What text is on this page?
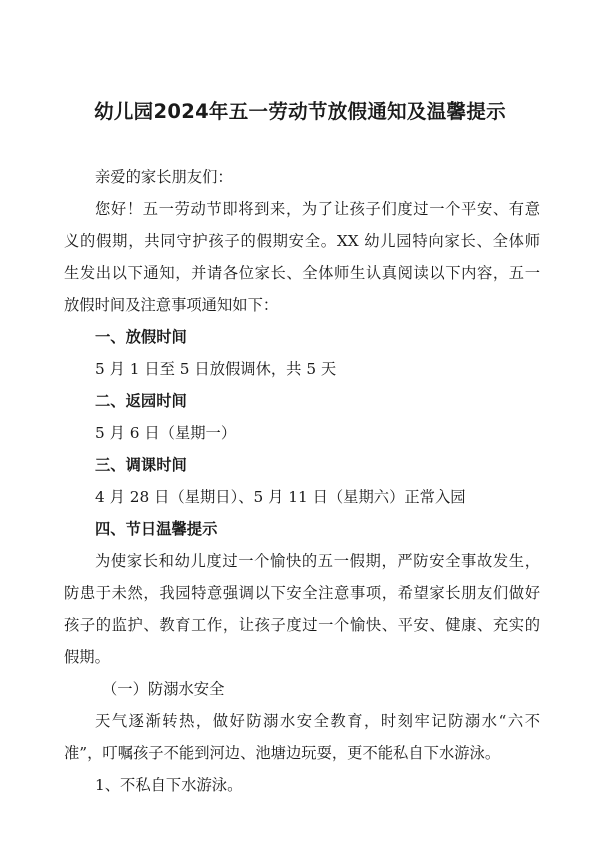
幼儿园2024年五一劳动节放假通知及温馨提示
亲爱的家长朋友们：
您好！五一劳动节即将到来，为了让孩子们度过一个平安、有意
义的假期，共同守护孩子的假期安全。XX 幼儿园特向家长、全体师
生发出以下通知，并请各位家长、全体师生认真阅读以下内容，五一
放假时间及注意事项通知如下：
一、放假时间
5 月 1 日至 5 日放假调休，共 5 天
二、返园时间
5 月 6 日（星期一）
三、调课时间
4 月 28 日（星期日）、5 月 11 日（星期六）正常入园
四、节日温馨提示
为使家长和幼儿度过一个愉快的五一假期，严防安全事故发生，
防患于未然，我园特意强调以下安全注意事项，希望家长朋友们做好
孩子的监护、教育工作，让孩子度过一个愉快、平安、健康、充实的
假期。
（一）防溺水安全
天气逐渐转热，做好防溺水安全教育，时刻牢记防溺水“六不
准”，叮嘱孩子不能到河边、池塘边玩耍，更不能私自下水游泳。
1、不私自下水游泳。
